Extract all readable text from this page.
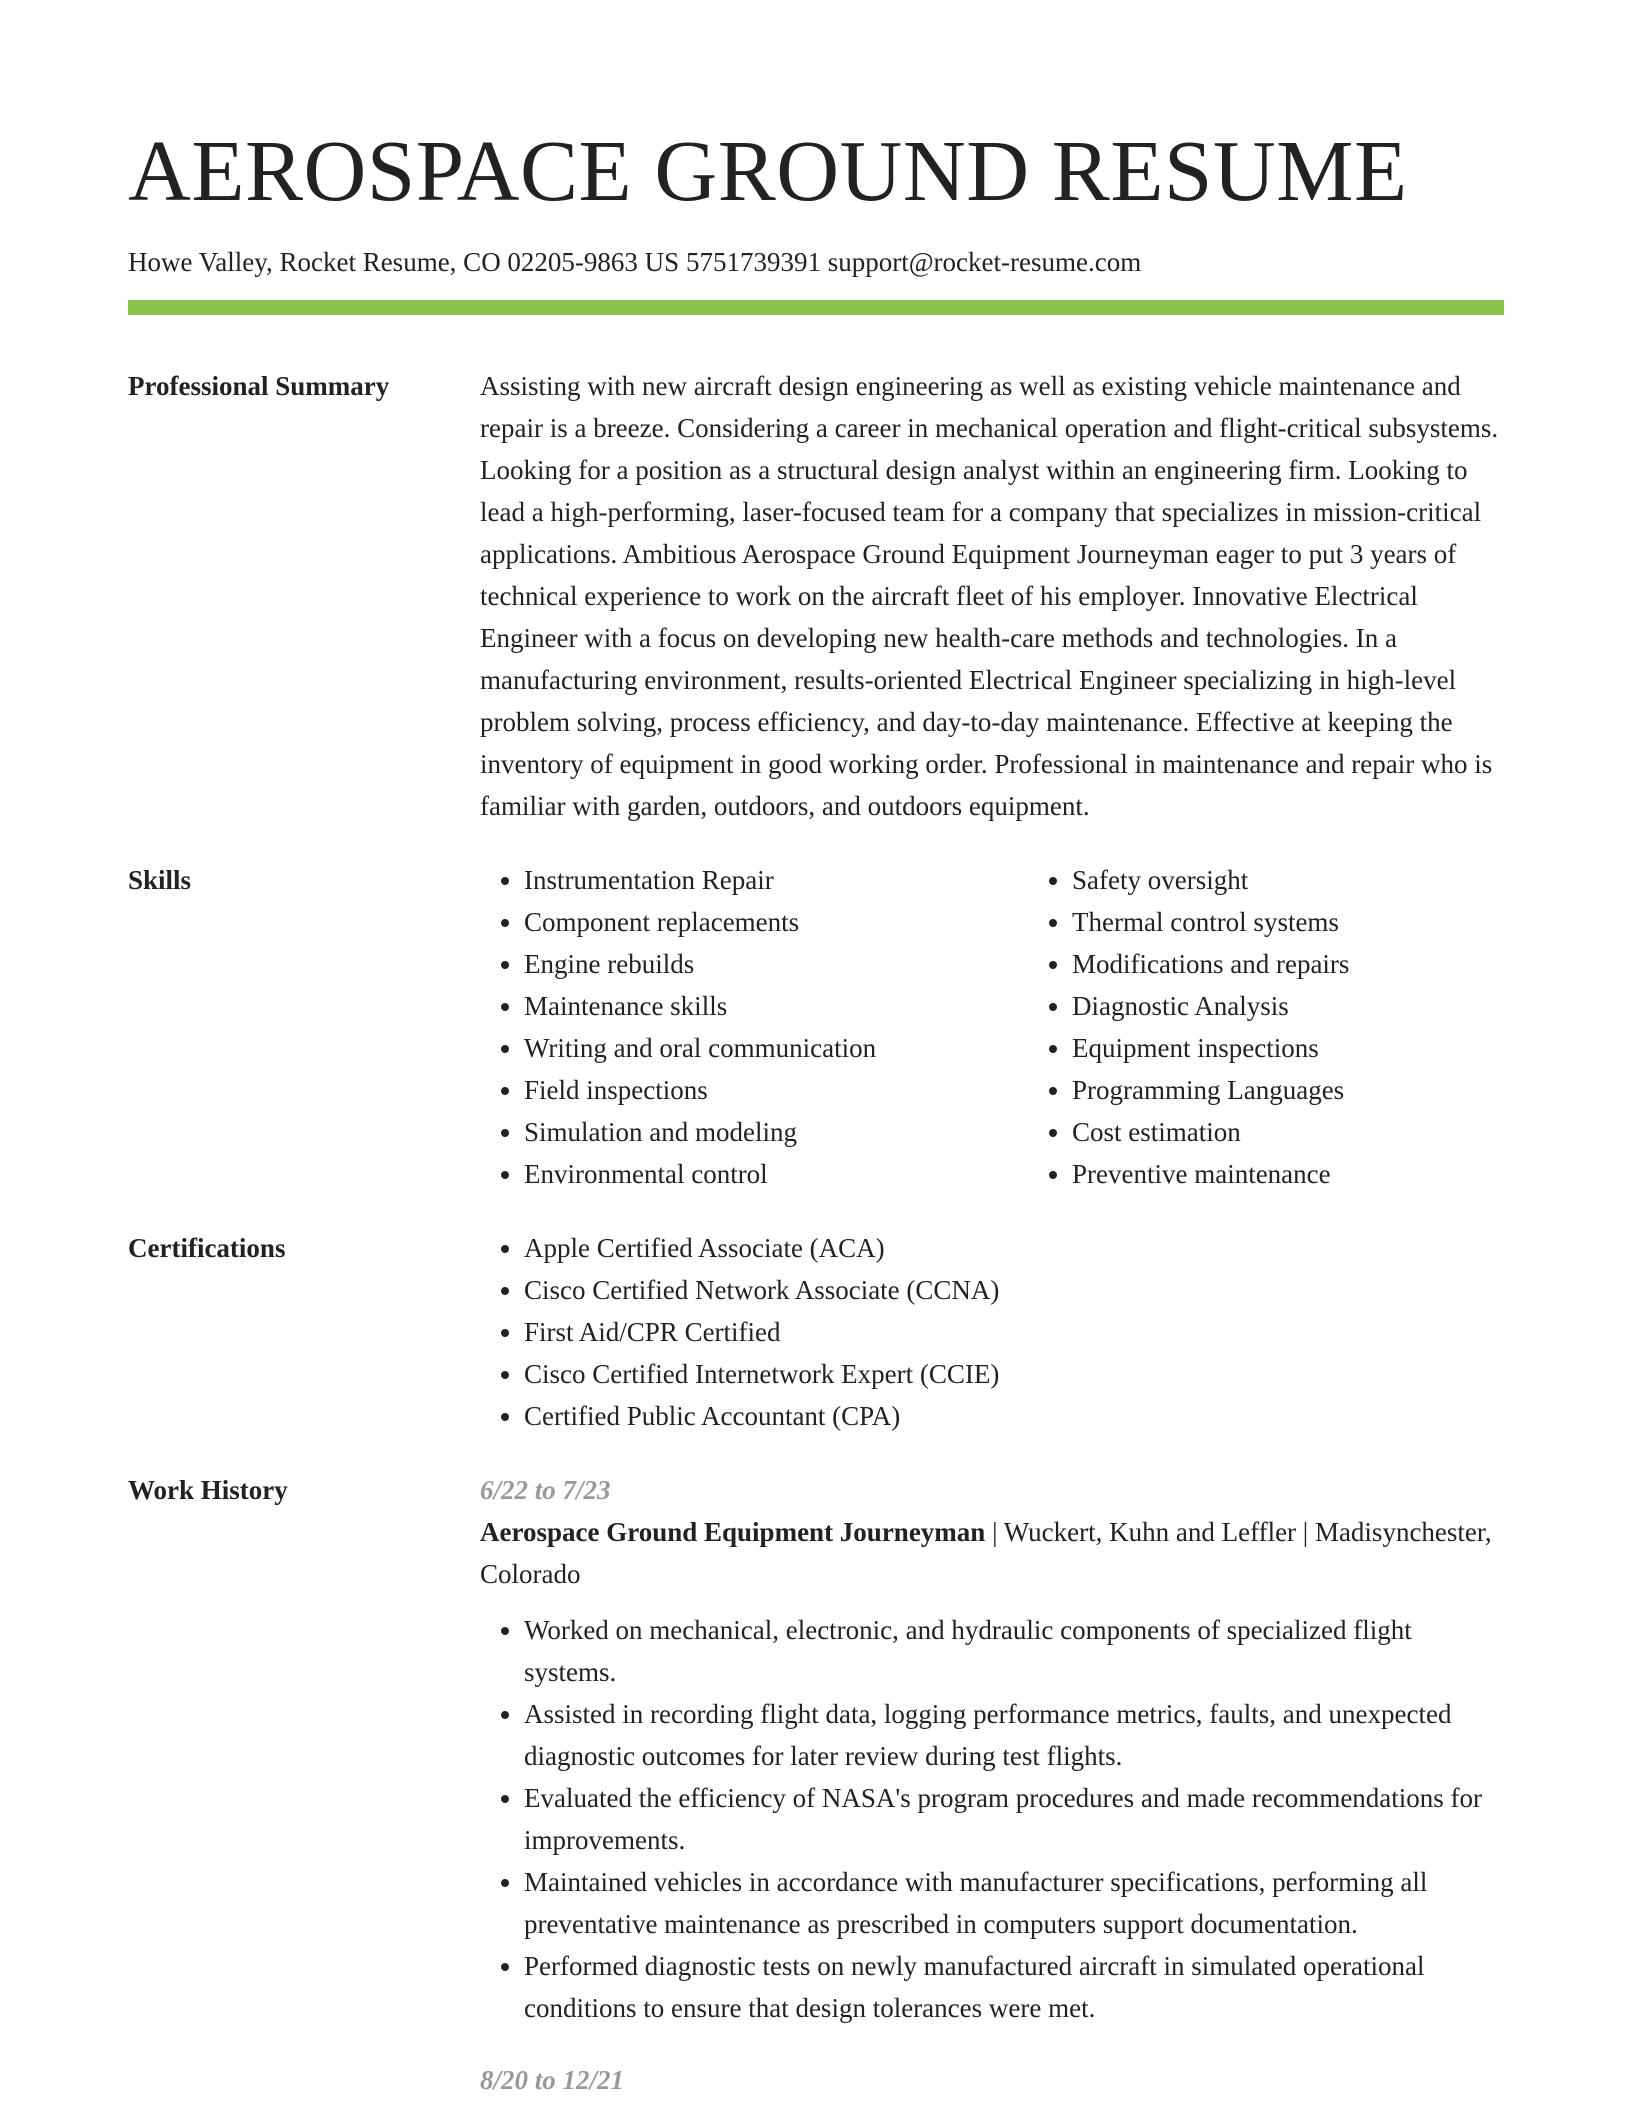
AEROSPACE GROUND RESUME
Howe Valley, Rocket Resume, CO 02205-9863 US 5751739391 support@rocket-resume.com
Professional Summary	Assisting with new aircraft design engineering as well as existing vehicle maintenance and repair is a breeze. Considering a career in mechanical operation and flight-critical subsystems. Looking for a position as a structural design analyst within an engineering firm. Looking to lead a high-performing, laser-focused team for a company that specializes in mission-critical applications. Ambitious Aerospace Ground Equipment Journeyman eager to put 3 years of technical experience to work on the aircraft fleet of his employer. Innovative Electrical Engineer with a focus on developing new health-care methods and technologies. In a manufacturing environment, results-oriented Electrical Engineer specializing in high-level problem solving, process efficiency, and day-to-day maintenance. Effective at keeping the inventory of equipment in good working order. Professional in maintenance and repair who is familiar with garden, outdoors, and outdoors equipment.
Skills	• Instrumentation Repair
• Component replacements
• Engine rebuilds
• Maintenance skills
• Writing and oral communication
• Field inspections
• Simulation and modeling
• Environmental control
• Safety oversight
• Thermal control systems
• Modifications and repairs
• Diagnostic Analysis
• Equipment inspections
• Programming Languages
• Cost estimation
• Preventive maintenance
Certifications	• Apple Certified Associate (ACA)
• Cisco Certified Network Associate (CCNA)
• First Aid/CPR Certified
• Cisco Certified Internetwork Expert (CCIE)
• Certified Public Accountant (CPA)
Work History	6/22 to 7/23
Aerospace Ground Equipment Journeyman | Wuckert, Kuhn and Leffler | Madisynchester, Colorado
• Worked on mechanical, electronic, and hydraulic components of specialized flight systems.
• Assisted in recording flight data, logging performance metrics, faults, and unexpected diagnostic outcomes for later review during test flights.
• Evaluated the efficiency of NASA's program procedures and made recommendations for improvements.
• Maintained vehicles in accordance with manufacturer specifications, performing all preventative maintenance as prescribed in computers support documentation.
• Performed diagnostic tests on newly manufactured aircraft in simulated operational conditions to ensure that design tolerances were met.
8/20 to 12/21
